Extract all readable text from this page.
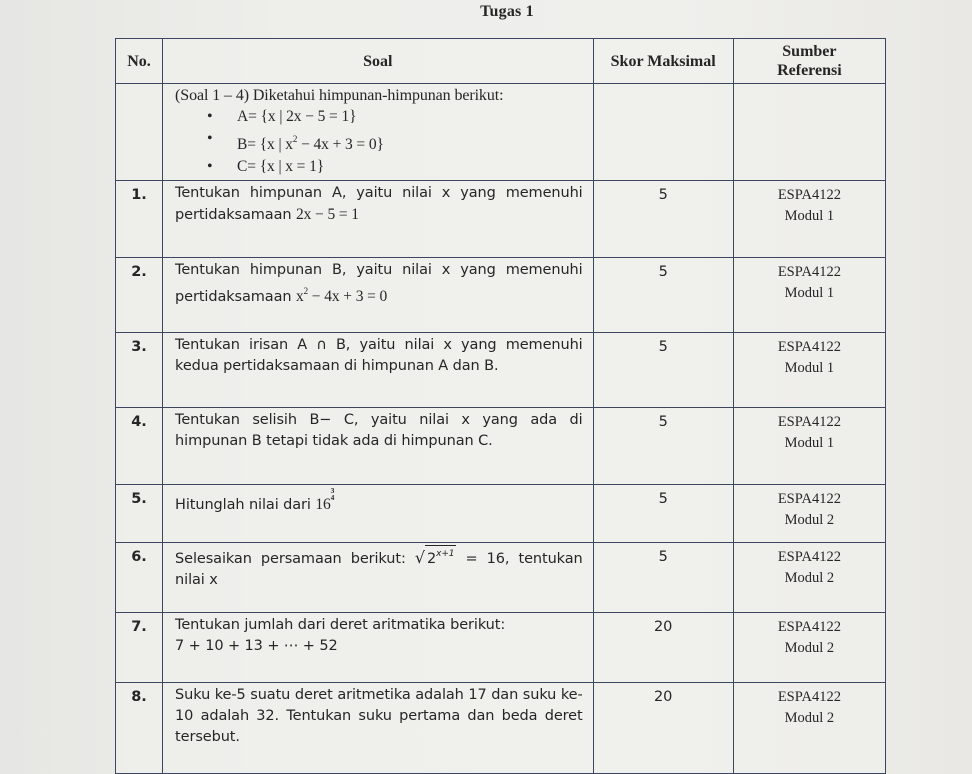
Tugas 1
No.	Soal	Skor Maksimal	Sumber
Referensi

(Soal 1 – 4) Diketahui himpunan-himpunan berikut:
• A= {x | 2x − 5 = 1}
• B= {x | $x^2 - 4x + 3 = 0$}
• C= {x | x = 1}

1.	Tentukan himpunan A, yaitu nilai x yang memenuhi pertidaksamaan 2x − 5 = 1	5	ESPA4122
Modul 1

2.	Tentukan himpunan B, yaitu nilai x yang memenuhi pertidaksamaan $x^2 - 4x + 3 = 0$	5	ESPA4122
Modul 1

3.	Tentukan irisan A ∩ B, yaitu nilai x yang memenuhi kedua pertidaksamaan di himpunan A dan B.	5	ESPA4122
Modul 1

4.	Tentukan selisih B− C, yaitu nilai x yang ada di himpunan B tetapi tidak ada di himpunan C.	5	ESPA4122
Modul 1

5.	Hitunglah nilai dari 16
3
4	5	ESPA4122
Modul 2

6.	Selesaikan persamaan berikut: √ $2^{x+1} = 16$, tentukan nilai x	5	ESPA4122
Modul 2

7.	Tentukan jumlah dari deret aritmatika berikut:
7 + 10 + 13 + ⋯ + 52
	20	ESPA4122
Modul 2

8.	Suku ke-5 suatu deret aritmetika adalah 17 dan suku ke-10 adalah 32. Tentukan suku pertama dan beda deret tersebut.	20	ESPA4122
Modul 2
